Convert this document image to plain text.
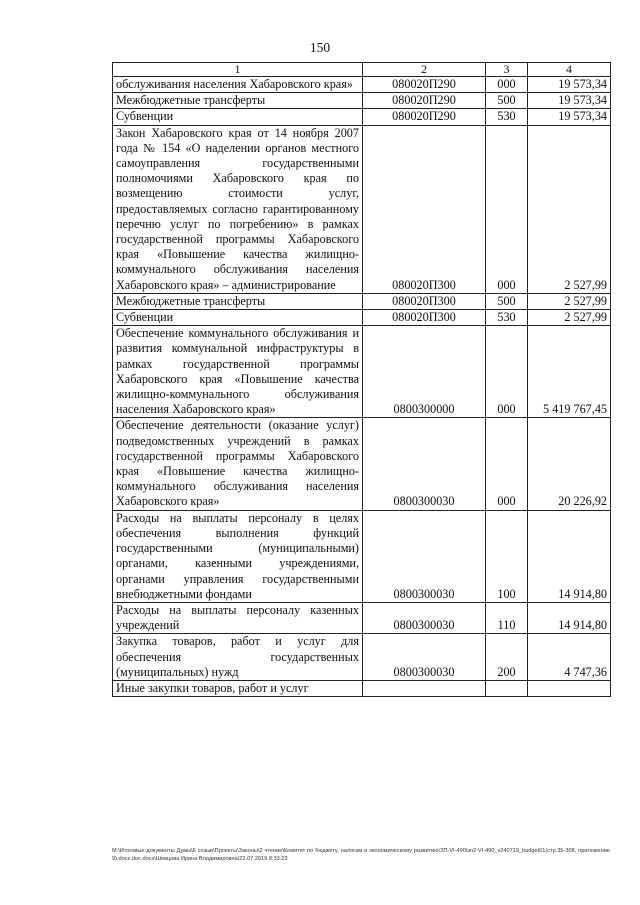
150
1	2	3	4
обслуживания населения Хабаровского края»	080020П290	000	19 573,34
Межбюджетные трансферты	080020П290	500	19 573,34
Субвенции	080020П290	530	19 573,34
Закон Хабаровского края от 14 ноября 2007 года № 154 «О наделении органов местного самоуправления государственными полномочиями Хабаровского края по возмещению стоимости услуг, предоставляемых согласно гарантированному перечню услуг по погребению» в рамках государственной программы Хабаровского края «Повышение качества жилищно-коммунального обслуживания населения Хабаровского края» – администрирование	080020П300	000	2 527,99
Межбюджетные трансферты	080020П300	500	2 527,99
Субвенции	080020П300	530	2 527,99
Обеспечение коммунального обслуживания и развития коммунальной инфраструктуры в рамках государственной программы Хабаровского края «Повышение качества жилищно-коммунального обслуживания населения Хабаровского края»	0800300000	000	5 419 767,45
Обеспечение деятельности (оказание услуг) подведомственных учреждений в рамках государственной программы Хабаровского края «Повышение качества жилищно-коммунального обслуживания населения Хабаровского края»	0800300030	000	20 226,92
Расходы на выплаты персоналу в целях обеспечения выполнения функций государственными (муниципальными) органами, казенными учреждениями, органами управления государственными внебюджетными фондами	0800300030	100	14 914,80
Расходы на выплаты персоналу казенных учреждений	0800300030	110	14 914,80
Закупка товаров, работ и услуг для обеспечения государственных (муниципальных) нужд	0800300030	200	4 747,36
Иные закупки товаров, работ и услуг			
М:\Итоговые документы Думы\6 созыв\Проекты\Законы\2 чтение\Комитет по бюджету, налогам и экономическому развитию\ЗП-VI-490\зп2-VI-490_v240719_budget01(стр.35-308, приложение 9).docx.doc.docx\Шевцова Ирина Владимировна\22.07.2019 8:33:23
